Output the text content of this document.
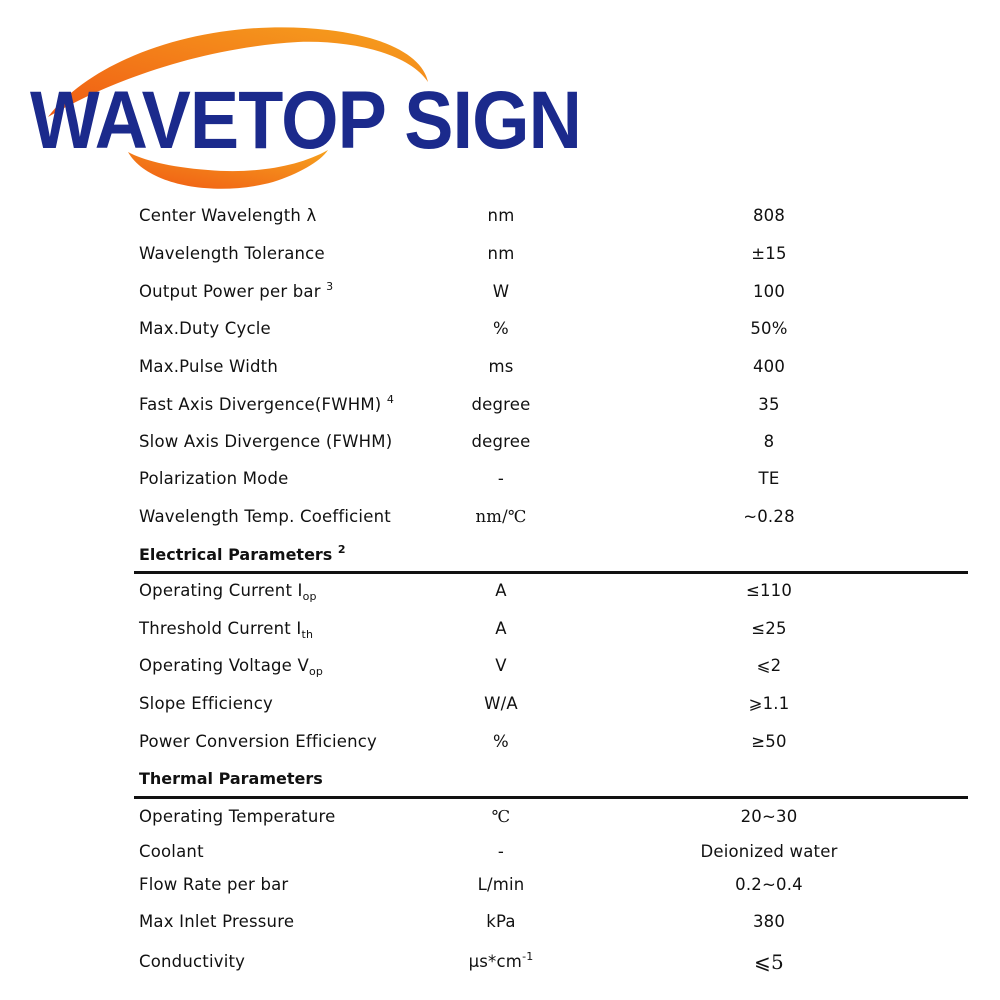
WAVETOP SIGN
Center Wavelength λ	nm	808
Wavelength Tolerance	nm	±15
Output Power per bar $^3$	W	100
Max.Duty Cycle	%	50%
Max.Pulse Width	ms	400
Fast Axis Divergence(FWHM) $^4$	degree	35
Slow Axis Divergence (FWHM)	degree	8
Polarization Mode	-	TE
Wavelength Temp. Coefficient	nm/℃	~0.28
Electrical Parameters $^2$
Operating Current $I_{op}$	A	≤110
Threshold Current $I_{th}$	A	≤25
Operating Voltage $V_{op}$	V	⩽2
Slope Efficiency	W/A	⩾1.1
Power Conversion Efficiency	%	≥50
Thermal Parameters
Operating Temperature	℃	20~30
Coolant	-	Deionized water
Flow Rate per bar	L/min	0.2~0.4
Max Inlet Pressure	kPa	380
Conductivity	$\mu s*cm^{-1}$	⩽5
